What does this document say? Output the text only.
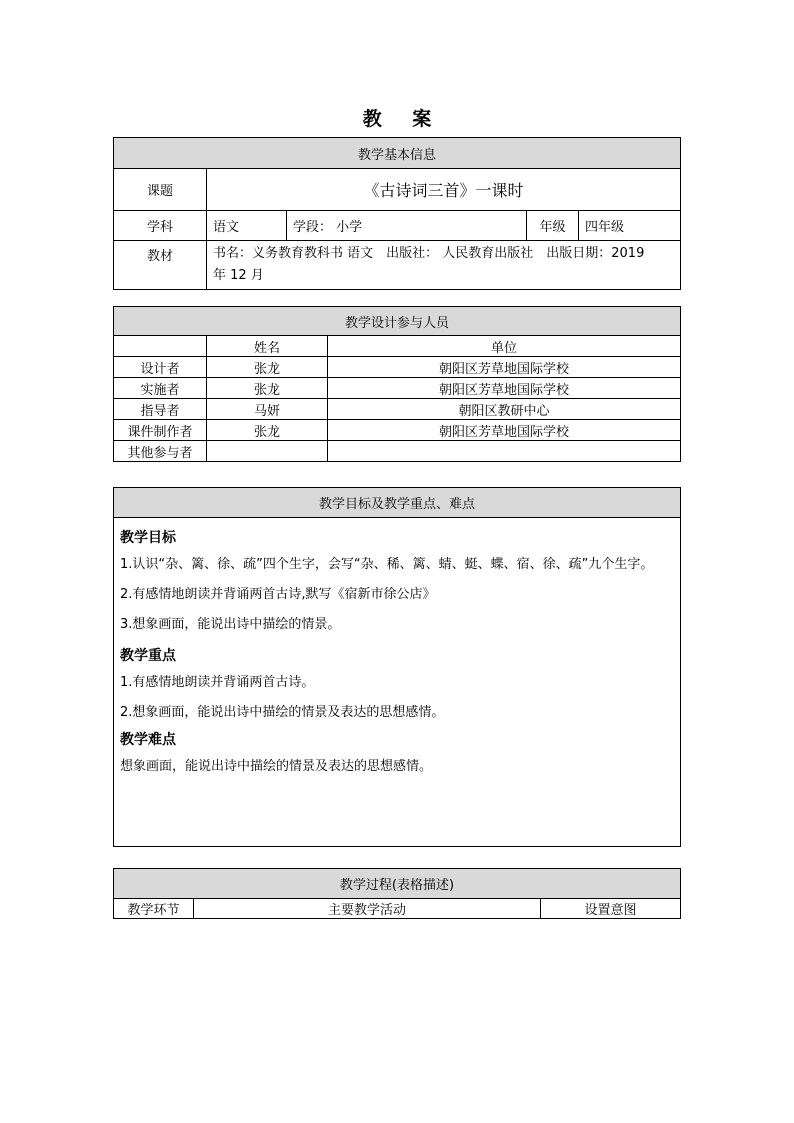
教 案
教学基本信息				
课题	《古诗词三首》一课时			
学科	语文	学段： 小学	年级	四年级
教材	书名：义务教育教科书 语文　出版社： 人民教育出版社　出版日期：2019　 年 12 月			
教学设计参与人员		
	姓名	单位
设计者	张龙	朝阳区芳草地国际学校
实施者	张龙	朝阳区芳草地国际学校
指导者	马妍	朝阳区教研中心
课件制作者	张龙	朝阳区芳草地国际学校
其他参与者		
教学目标及教学重点、难点

教学目标
1.认识“杂、篱、徐、疏”四个生字，会写“杂、稀、篱、蜻、蜓、蝶、宿、徐、疏”九个生字。
2.有感情地朗读并背诵两首古诗,默写《宿新市徐公店》
3.想象画面，能说出诗中描绘的情景。
教学重点
1.有感情地朗读并背诵两首古诗。
2.想象画面，能说出诗中描绘的情景及表达的思想感情。
教学难点
想象画面，能说出诗中描绘的情景及表达的思想感情。
教学过程(表格描述)
教学环节	主要教学活动	设置意图
